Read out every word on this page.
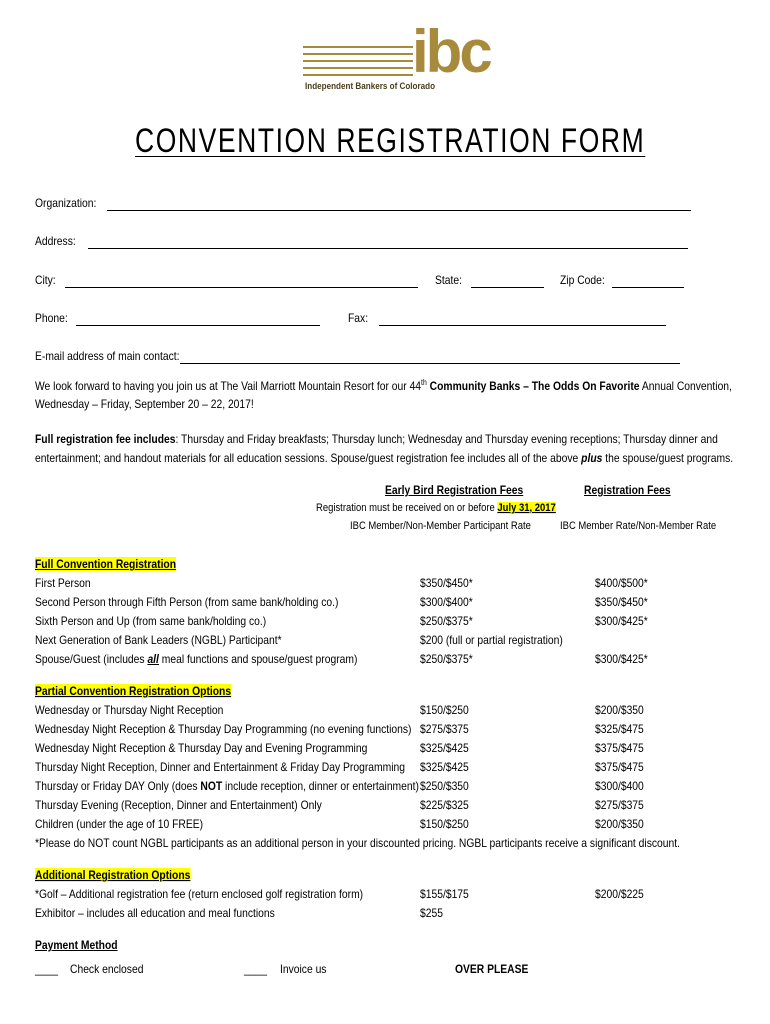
ibc
Independent Bankers of Colorado
CONVENTION REGISTRATION FORM
Organization:
Address:
City:	State:	Zip Code:
Phone:	Fax:
E-mail address of main contact:
We look forward to having you join us at The Vail Marriott Mountain Resort for our 44th Community Banks – The Odds On Favorite Annual Convention,
Wednesday – Friday, September 20 – 22, 2017!
Full registration fee includes: Thursday and Friday breakfasts; Thursday lunch; Wednesday and Thursday evening receptions; Thursday dinner and
entertainment; and handout materials for all education sessions. Spouse/guest registration fee includes all of the above plus the spouse/guest programs.
Early Bird Registration Fees	Registration Fees
Registration must be received on or before July 31, 2017
IBC Member/Non-Member Participant Rate	IBC Member Rate/Non-Member Rate
Full Convention Registration
First Person	$350/$450*	$400/$500*
Second Person through Fifth Person (from same bank/holding co.)	$300/$400*	$350/$450*
Sixth Person and Up (from same bank/holding co.)	$250/$375*	$300/$425*
Next Generation of Bank Leaders (NGBL) Participant*	$200 (full or partial registration)
Spouse/Guest (includes all meal functions and spouse/guest program)	$250/$375*	$300/$425*
Partial Convention Registration Options
Wednesday or Thursday Night Reception	$150/$250	$200/$350
Wednesday Night Reception & Thursday Day Programming (no evening functions) $275/$375	$325/$475
Wednesday Night Reception & Thursday Day and Evening Programming	$325/$425	$375/$475
Thursday Night Reception, Dinner and Entertainment & Friday Day Programming $325/$425	$375/$475
Thursday or Friday DAY Only (does NOT include reception, dinner or entertainment) $250/$350	$300/$400
Thursday Evening (Reception, Dinner and Entertainment) Only	$225/$325	$275/$375
Children (under the age of 10 FREE)	$150/$250	$200/$350
*Please do NOT count NGBL participants as an additional person in your discounted pricing. NGBL participants receive a significant discount.
Additional Registration Options
*Golf – Additional registration fee (return enclosed golf registration form)	$155/$175	$200/$225
Exhibitor – includes all education and meal functions	$255
Payment Method
____ Check enclosed	____ Invoice us	OVER PLEASE
